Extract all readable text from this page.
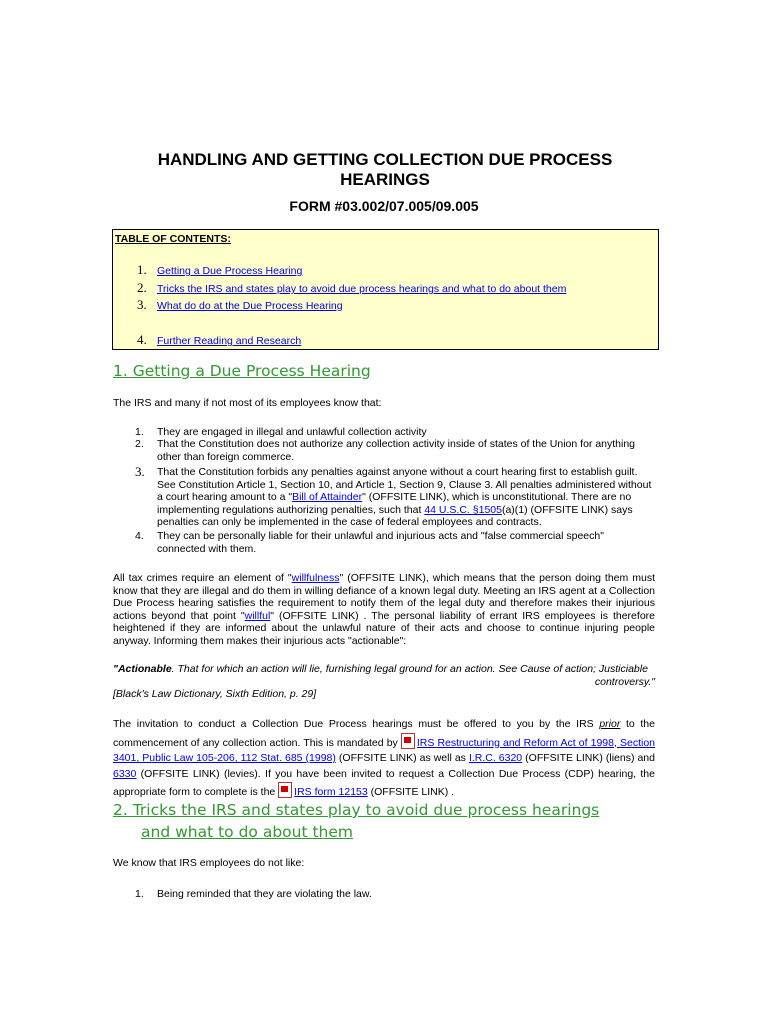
HANDLING AND GETTING COLLECTION DUE PROCESS HEARINGS
FORM #03.002/07.005/09.005
TABLE OF CONTENTS:
1. Getting a Due Process Hearing
2. Tricks the IRS and states play to avoid due process hearings and what to do about them
3. What do do at the Due Process Hearing
4. Further Reading and Research
1. Getting a Due Process Hearing
The IRS and many if not most of its employees know that:
1. They are engaged in illegal and unlawful collection activity
2. That the Constitution does not authorize any collection activity inside of states of the Union for anything other than foreign commerce.
3. That the Constitution forbids any penalties against anyone without a court hearing first to establish guilt. See Constitution Article 1, Section 10, and Article 1, Section 9, Clause 3. All penalties administered without a court hearing amount to a "Bill of Attainder" (OFFSITE LINK), which is unconstitutional. There are no implementing regulations authorizing penalties, such that 44 U.S.C. §1505(a)(1) (OFFSITE LINK) says penalties can only be implemented in the case of federal employees and contracts.
4. They can be personally liable for their unlawful and injurious acts and "false commercial speech" connected with them.
All tax crimes require an element of "willfulness" (OFFSITE LINK), which means that the person doing them must know that they are illegal and do them in willing defiance of a known legal duty. Meeting an IRS agent at a Collection Due Process hearing satisfies the requirement to notify them of the legal duty and therefore makes their injurious actions beyond that point "willful" (OFFSITE LINK) . The personal liability of errant IRS employees is therefore heightened if they are informed about the unlawful nature of their acts and choose to continue injuring people anyway. Informing them makes their injurious acts "actionable":
"Actionable. That for which an action will lie, furnishing legal ground for an action. See Cause of action; Justiciable
controversy."
[Black's Law Dictionary, Sixth Edition, p. 29]
The invitation to conduct a Collection Due Process hearings must be offered to you by the IRS prior to the commencement of any collection action. This is mandated by IRS Restructuring and Reform Act of 1998, Section 3401, Public Law 105-206, 112 Stat. 685 (1998) (OFFSITE LINK) as well as I.R.C. 6320 (OFFSITE LINK) (liens) and 6330 (OFFSITE LINK) (levies). If you have been invited to request a Collection Due Process (CDP) hearing, the appropriate form to complete is the IRS form 12153 (OFFSITE LINK) .
2. Tricks the IRS and states play to avoid due process hearings
and what to do about them
We know that IRS employees do not like:
1. Being reminded that they are violating the law.
